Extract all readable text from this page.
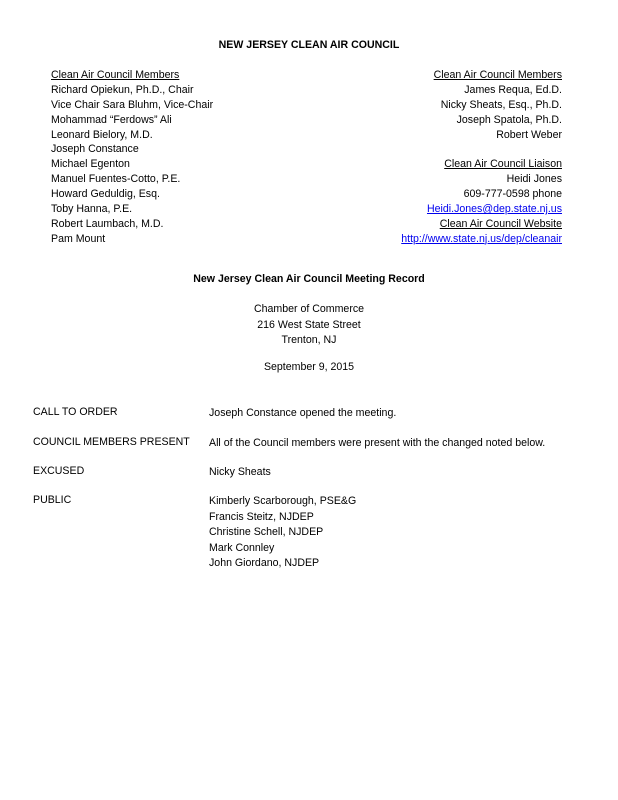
NEW JERSEY CLEAN AIR COUNCIL
Clean Air Council Members
Richard Opiekun, Ph.D., Chair
Vice Chair Sara Bluhm, Vice-Chair
Mohammad “Ferdows” Ali
Leonard Bielory, M.D.
Joseph Constance
Michael Egenton
Manuel Fuentes-Cotto, P.E.
Howard Geduldig, Esq.
Toby Hanna, P.E.
Robert Laumbach, M.D.
Pam Mount
Clean Air Council Members
James Requa, Ed.D.
Nicky Sheats, Esq., Ph.D.
Joseph Spatola, Ph.D.
Robert Weber
Clean Air Council Liaison
Heidi Jones
609-777-0598 phone
Heidi.Jones@dep.state.nj.us
Clean Air Council Website
http://www.state.nj.us/dep/cleanair
New Jersey Clean Air Council Meeting Record
Chamber of Commerce
216 West State Street
Trenton, NJ
September 9, 2015
CALL TO ORDER	Joseph Constance opened the meeting.
COUNCIL MEMBERS PRESENT All of the Council members were present with the changed noted below.
EXCUSED	Nicky Sheats
PUBLIC	Kimberly Scarborough, PSE&G
Francis Steitz, NJDEP
Christine Schell, NJDEP
Mark Connley
John Giordano, NJDEP
